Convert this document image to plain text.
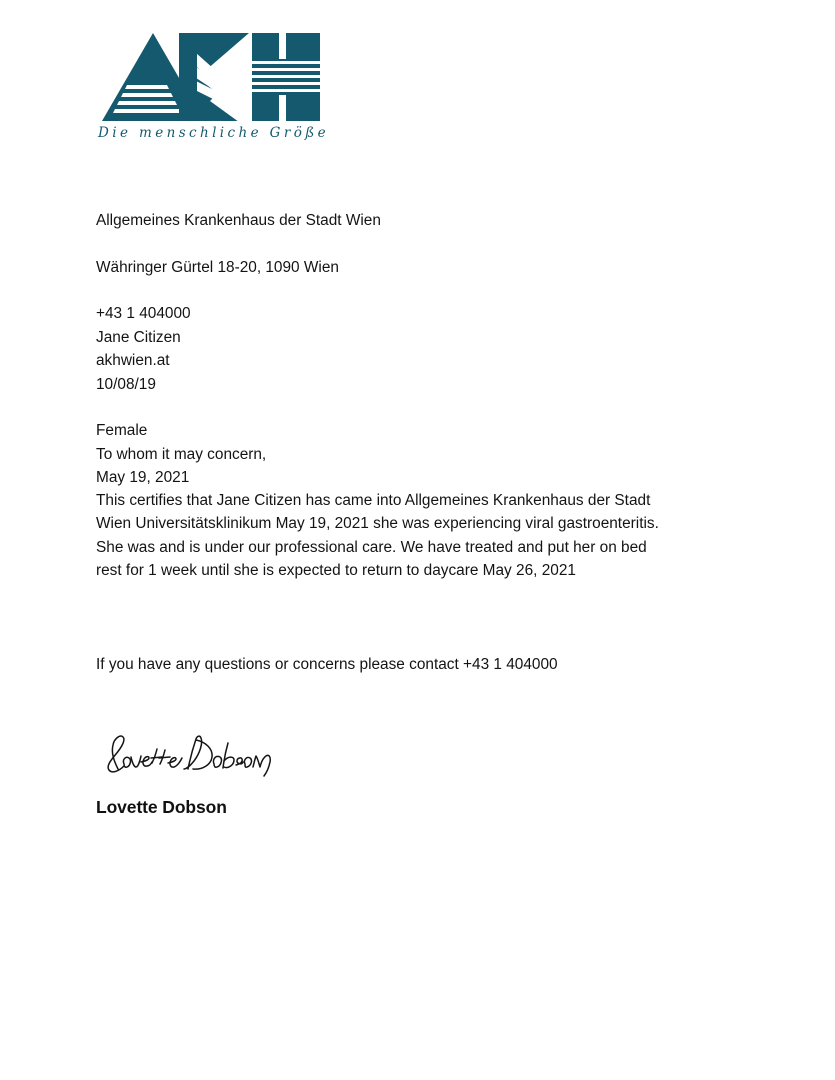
Die menschliche Größe

Allgemeines Krankenhaus der Stadt Wien

Währinger Gürtel 18-20, 1090 Wien

+43 1 404000

akhwien.at

Jane Citizen

10/08/19

Female

May 19, 2021

To whom it may concern,
This certifies that Jane Citizen has came into Allgemeines Krankenhaus der Stadt Wien Universitätsklinikum May 19, 2021 she was experiencing viral gastroenteritis. She was and is under our professional care. We have treated and put her on bed rest for 1 week until she is expected to return to daycare May 26, 2021
If you have any questions or concerns please contact +43 1 404000
Lovette Dobson
